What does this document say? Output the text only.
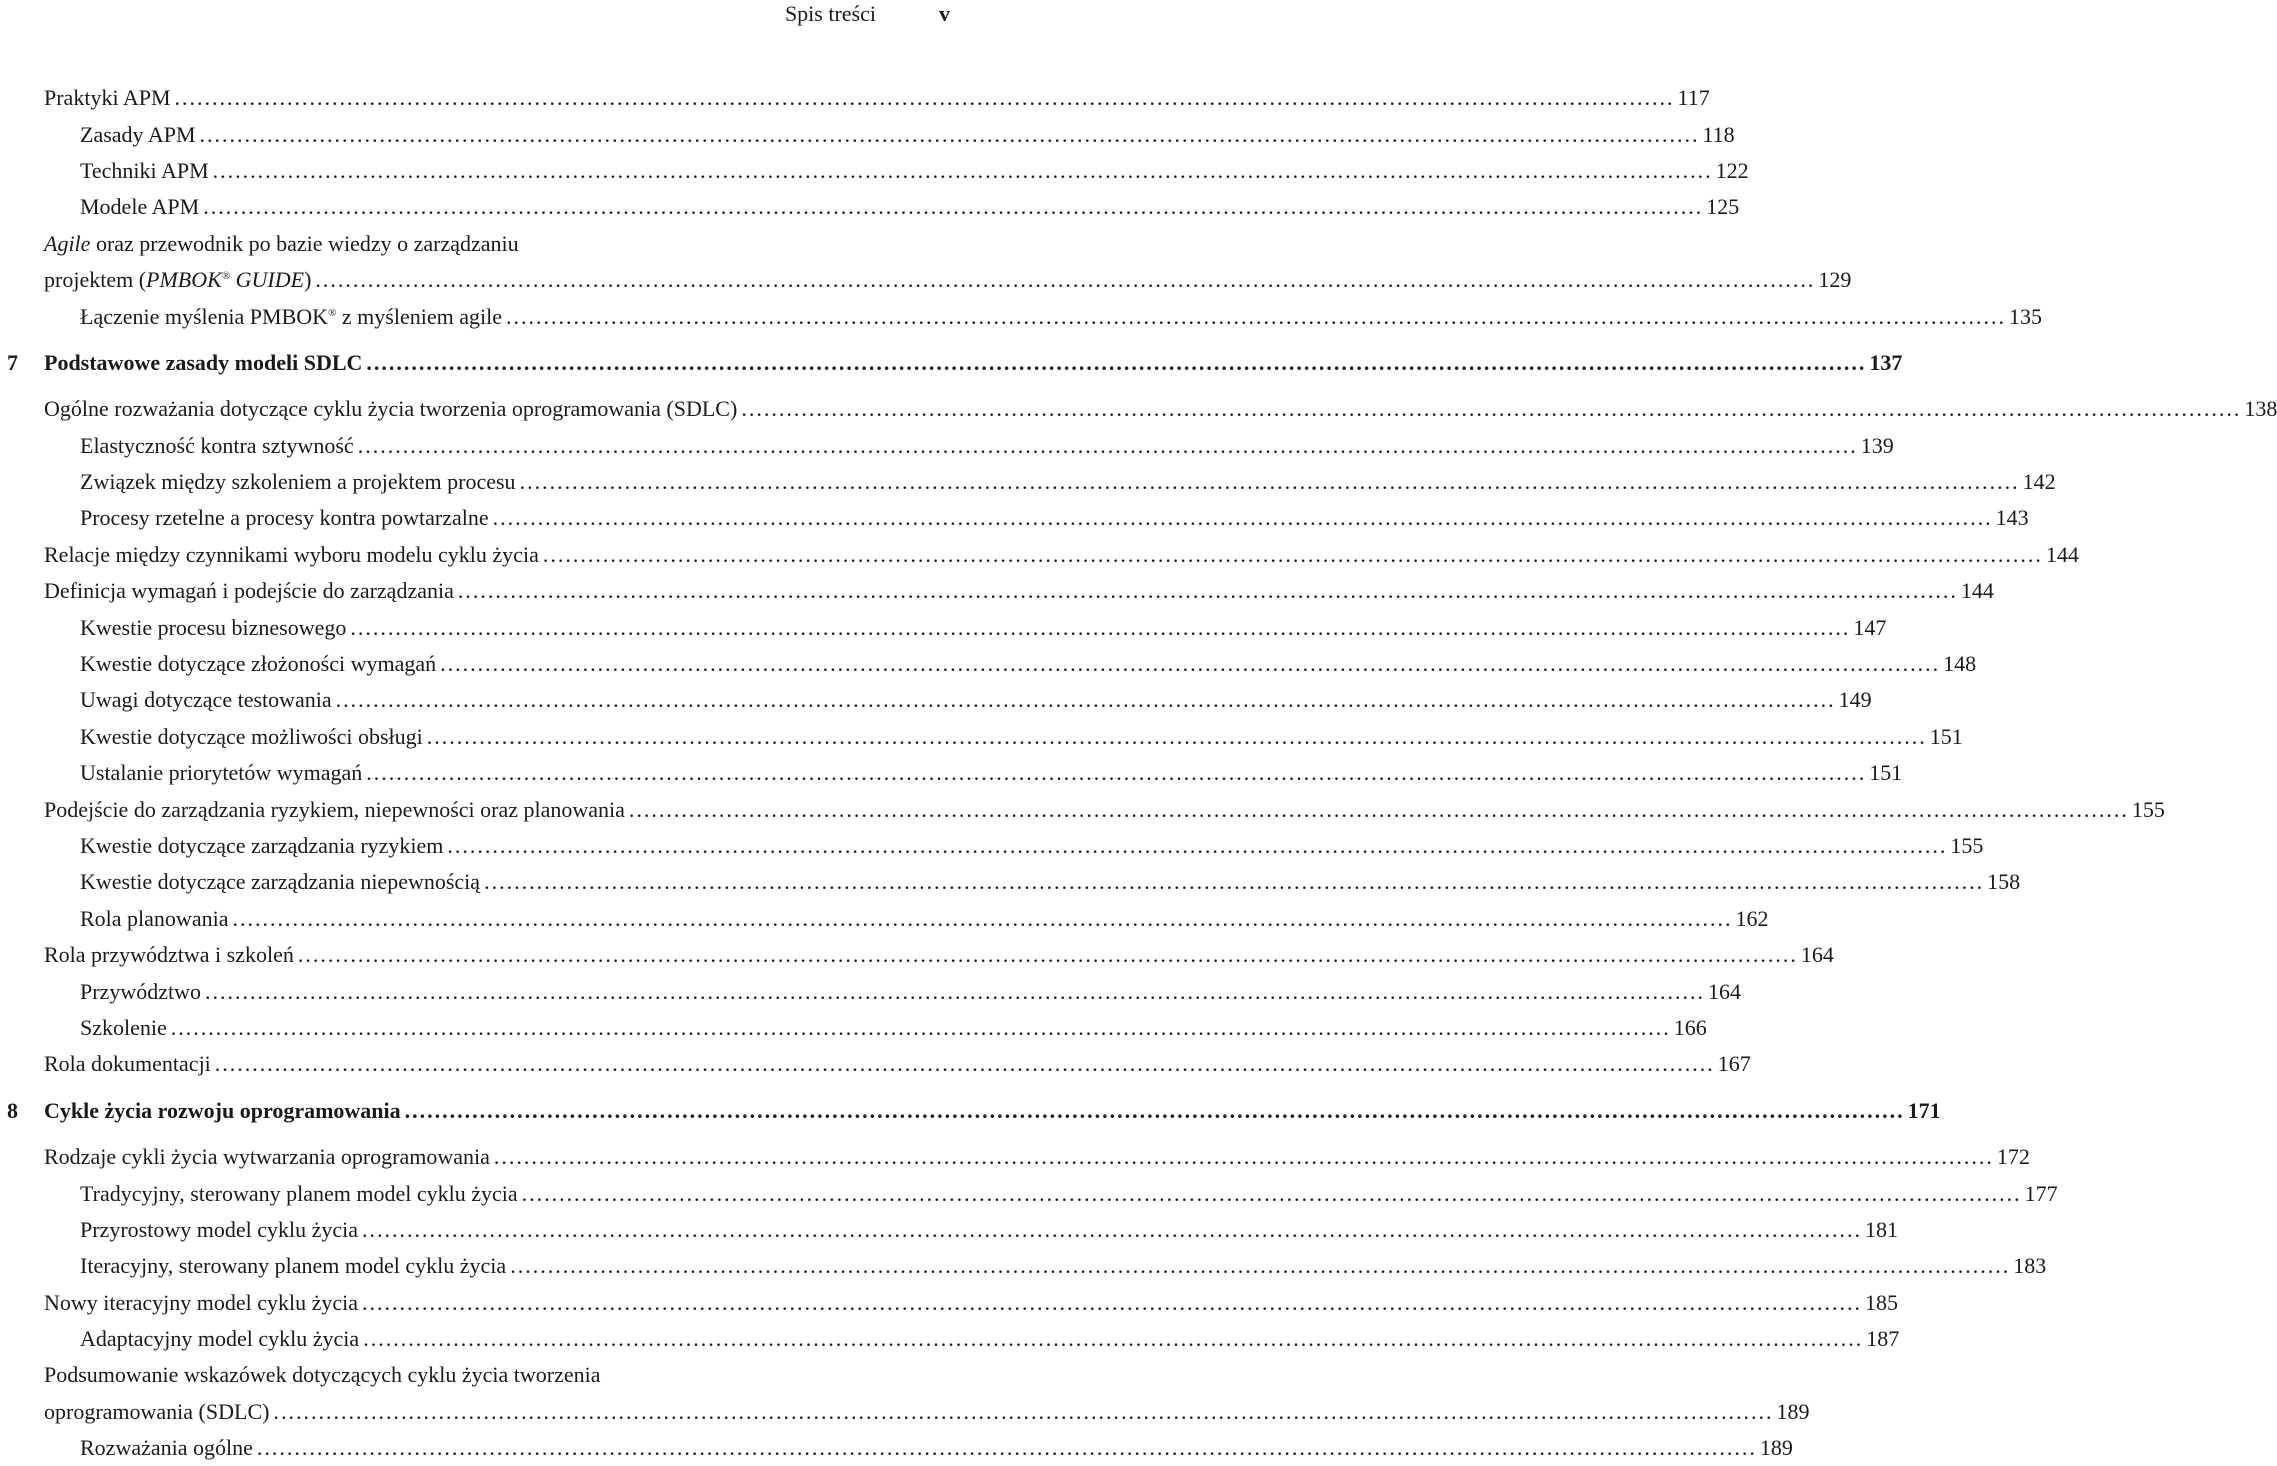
Spis treści	v
Praktyki APM ........................................................................................................................................................................................................ 117
Zasady APM ........................................................................................................................................................................................................ 118
Techniki APM ........................................................................................................................................................................................................ 122
Modele APM ........................................................................................................................................................................................................ 125
Agile oraz przewodnik po bazie wiedzy o zarządzaniu
projektem (PMBOK® GUIDE) ........................................................................................................................................................................................................ 129
Łączenie myślenia PMBOK® z myśleniem agile ........................................................................................................................................................................................................ 135
7 Podstawowe zasady modeli SDLC ........................................................................................................................................................................................................ 137
Ogólne rozważania dotyczące cyklu życia tworzenia oprogramowania (SDLC) ........................................................................................................................................................................................................ 138
Elastyczność kontra sztywność ........................................................................................................................................................................................................ 139
Związek między szkoleniem a projektem procesu ........................................................................................................................................................................................................ 142
Procesy rzetelne a procesy kontra powtarzalne ........................................................................................................................................................................................................ 143
Relacje między czynnikami wyboru modelu cyklu życia ........................................................................................................................................................................................................ 144
Definicja wymagań i podejście do zarządzania ........................................................................................................................................................................................................ 144
Kwestie procesu biznesowego ........................................................................................................................................................................................................ 147
Kwestie dotyczące złożoności wymagań ........................................................................................................................................................................................................ 148
Uwagi dotyczące testowania ........................................................................................................................................................................................................ 149
Kwestie dotyczące możliwości obsługi ........................................................................................................................................................................................................ 151
Ustalanie priorytetów wymagań ........................................................................................................................................................................................................ 151
Podejście do zarządzania ryzykiem, niepewności oraz planowania ........................................................................................................................................................................................................ 155
Kwestie dotyczące zarządzania ryzykiem ........................................................................................................................................................................................................ 155
Kwestie dotyczące zarządzania niepewnością ........................................................................................................................................................................................................ 158
Rola planowania ........................................................................................................................................................................................................ 162
Rola przywództwa i szkoleń ........................................................................................................................................................................................................ 164
Przywództwo ........................................................................................................................................................................................................ 164
Szkolenie ........................................................................................................................................................................................................ 166
Rola dokumentacji ........................................................................................................................................................................................................ 167
8 Cykle życia rozwoju oprogramowania ........................................................................................................................................................................................................ 171
Rodzaje cykli życia wytwarzania oprogramowania ........................................................................................................................................................................................................ 172
Tradycyjny, sterowany planem model cyklu życia ........................................................................................................................................................................................................ 177
Przyrostowy model cyklu życia ........................................................................................................................................................................................................ 181
Iteracyjny, sterowany planem model cyklu życia ........................................................................................................................................................................................................ 183
Nowy iteracyjny model cyklu życia ........................................................................................................................................................................................................ 185
Adaptacyjny model cyklu życia ........................................................................................................................................................................................................ 187
Podsumowanie wskazówek dotyczących cyklu życia tworzenia
oprogramowania (SDLC) ........................................................................................................................................................................................................ 189
Rozważania ogólne ........................................................................................................................................................................................................ 189
